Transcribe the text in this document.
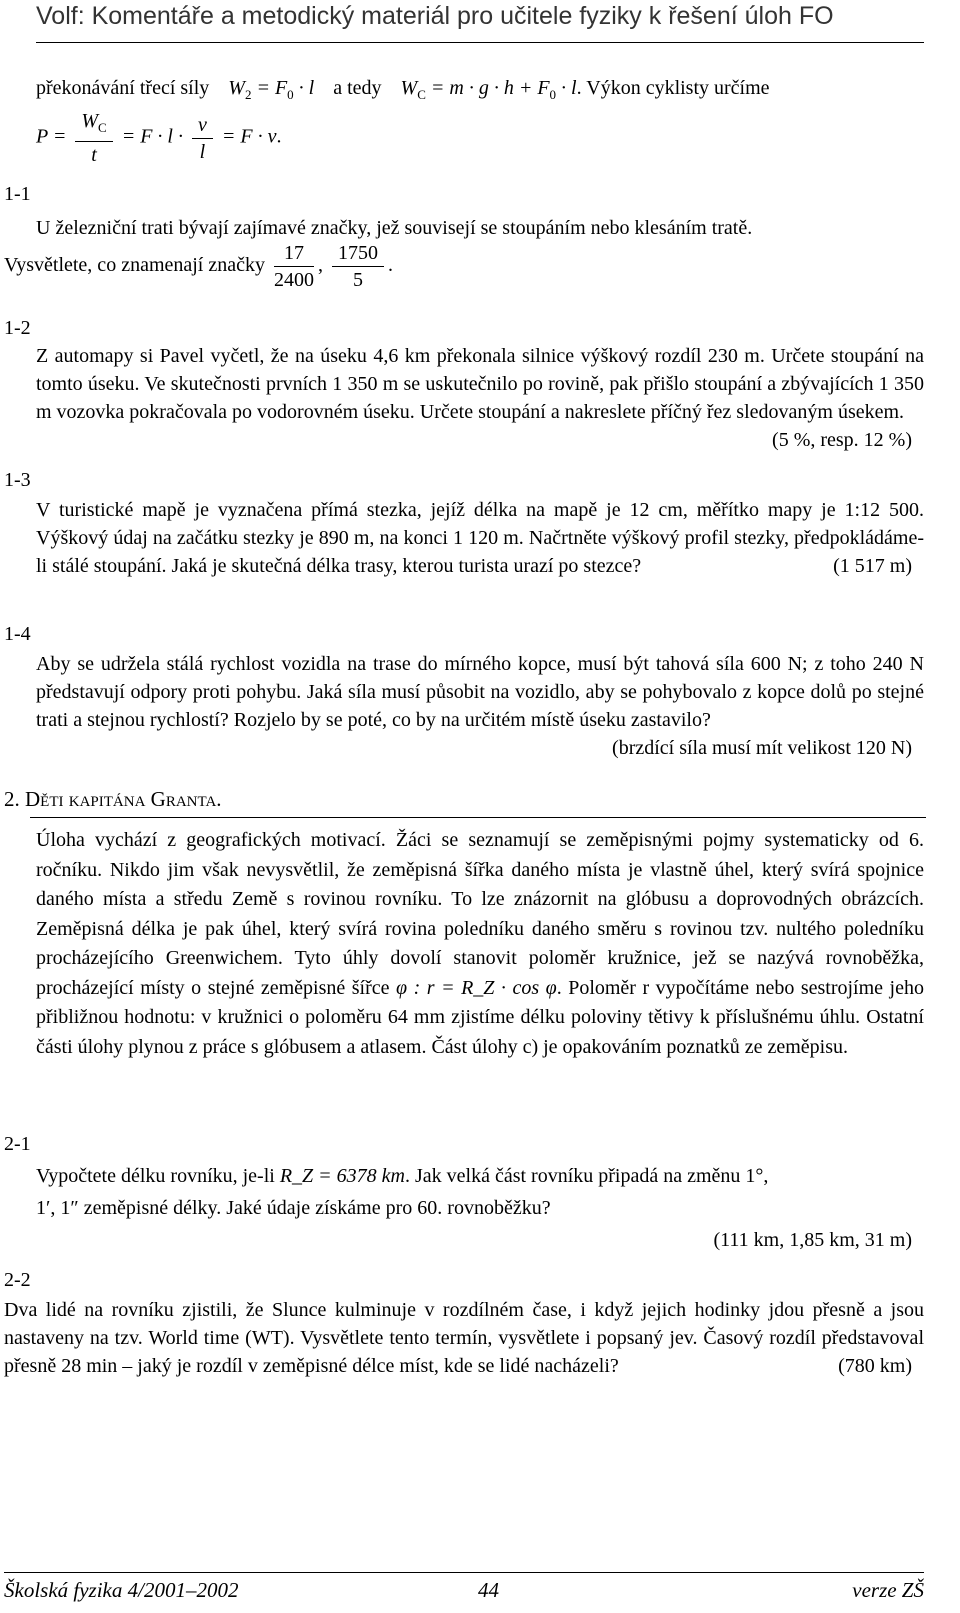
Volf: Komentáře a metodický materiál pro učitele fyziky k řešení úloh FO
překonávání třecí síly $W_2 = F_0 \cdot l$ a tedy $W_C = m \cdot g \cdot h + F_0 \cdot l$. Výkon cyklisty určíme
$P = \frac{W_C}{t} = F \cdot l \cdot \frac{v}{l} = F \cdot v$.
1-1
U železniční trati bývají zajímavé značky, jež souvisejí se stoupáním nebo klesáním tratě.
Vysvětlete, co znamenají značky $\frac{17}{2400}$ , $\frac{1750}{5}$ .
1-2
Z automapy si Pavel vyčetl, že na úseku 4,6 km překonala silnice výškový rozdíl 230 m. Určete stoupání na tomto úseku. Ve skutečnosti prvních 1 350 m se uskutečnilo po rovině, pak přišlo stoupání a zbývajících 1 350 m vozovka pokračovala po vodorovném úseku. Určete stoupání a nakreslete příčný řez sledovaným úsekem.
(5 %, resp. 12 %)
1-3
V turistické mapě je vyznačena přímá stezka, jejíž délka na mapě je 12 cm, měřítko mapy je 1:12 500. Výškový údaj na začátku stezky je 890 m, na konci 1 120 m. Načrtněte výškový profil stezky, předpokládáme-li stálé stoupání. Jaká je skutečná délka trasy, kterou turista urazí po stezce?	(1 517 m)
1-4
Aby se udržela stálá rychlost vozidla na trase do mírného kopce, musí být tahová síla 600 N; z toho 240 N představují odpory proti pohybu. Jaká síla musí působit na vozidlo, aby se pohybovalo z kopce dolů po stejné trati a stejnou rychlostí? Rozjelo by se poté, co by na určitém místě úseku zastavilo?
(brzdící síla musí mít velikost 120 N)
2. Děti kapitána Granta.
Úloha vychází z geografických motivací. Žáci se seznamují se zeměpisnými pojmy systematicky od 6. ročníku. Nikdo jim však nevysvětlil, že zeměpisná šířka daného místa je vlastně úhel, který svírá spojnice daného místa a středu Země s rovinou rovníku. To lze znázornit na glóbusu a doprovodných obrázcích. Zeměpisná délka je pak úhel, který svírá rovina poledníku daného směru s rovinou tzv. nultého poledníku procházejícího Greenwichem. Tyto úhly dovolí stanovit poloměr kružnice, jež se nazývá rovnoběžka, procházející místy o stejné zeměpisné šířce φ : r = R_Z · cos φ. Poloměr r vypočítáme nebo sestrojíme jeho přibližnou hodnotu: v kružnici o poloměru 64 mm zjistíme délku poloviny tětivy k příslušnému úhlu. Ostatní části úlohy plynou z práce s glóbusem a atlasem. Část úlohy c) je opakováním poznatků ze zeměpisu.
2-1
Vypočtete délku rovníku, je-li R_Z = 6378 km. Jak velká část rovníku připadá na změnu 1°,
1′, 1″ zeměpisné délky. Jaké údaje získáme pro 60. rovnoběžku?
(111 km, 1,85 km, 31 m)
2-2
Dva lidé na rovníku zjistili, že Slunce kulminuje v rozdílném čase, i když jejich hodinky jdou přesně a jsou nastaveny na tzv. World time (WT). Vysvětlete tento termín, vysvětlete i popsaný jev. Časový rozdíl představoval přesně 28 min – jaký je rozdíl v zeměpisné délce míst, kde se lidé nacházeli?	(780 km)
Školská fyzika 4/2001–2002	44	verze ZŠ
